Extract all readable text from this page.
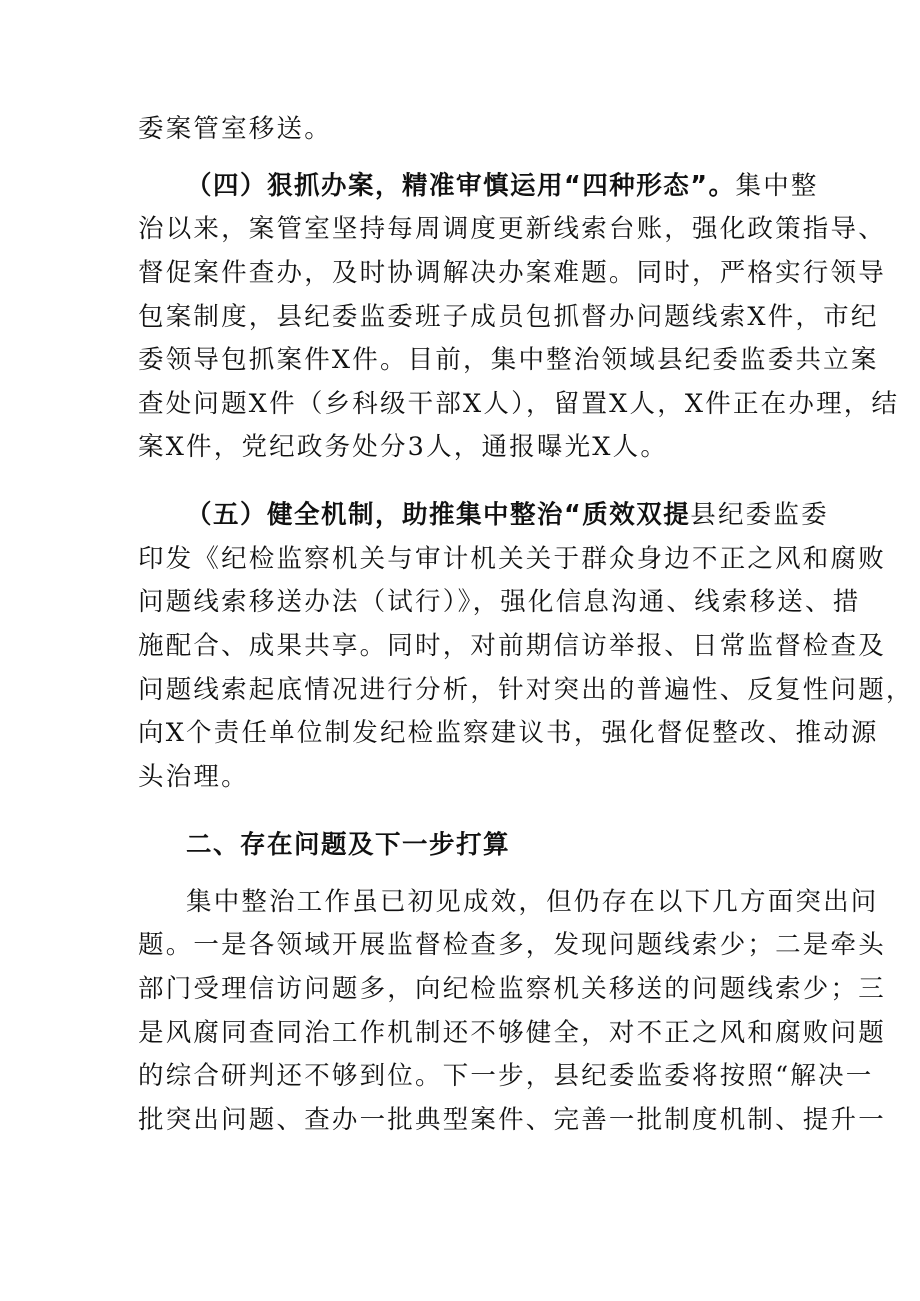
委案管室移送。
（四）狠抓办案，精准审慎运用“四种形态”。集中整
治以来，案管室坚持每周调度更新线索台账，强化政策指导、
督促案件查办，及时协调解决办案难题。同时，严格实行领导
包案制度，县纪委监委班子成员包抓督办问题线索X件，市纪
委领导包抓案件X件。目前，集中整治领域县纪委监委共立案
查处问题X件（乡科级干部X人），留置X人，X件正在办理，结
案X件，党纪政务处分3人，通报曝光X人。
（五）健全机制，助推集中整治“质效双提县纪委监委
印发《纪检监察机关与审计机关关于群众身边不正之风和腐败
问题线索移送办法（试行）》，强化信息沟通、线索移送、措
施配合、成果共享。同时，对前期信访举报、日常监督检查及
问题线索起底情况进行分析，针对突出的普遍性、反复性问题，
向X个责任单位制发纪检监察建议书，强化督促整改、推动源
头治理。
二、存在问题及下一步打算
集中整治工作虽已初见成效，但仍存在以下几方面突出问
题。一是各领域开展监督检查多，发现问题线索少；二是牵头
部门受理信访问题多，向纪检监察机关移送的问题线索少；三
是风腐同查同治工作机制还不够健全，对不正之风和腐败问题
的综合研判还不够到位。下一步，县纪委监委将按照“解决一
批突出问题、查办一批典型案件、完善一批制度机制、提升一
